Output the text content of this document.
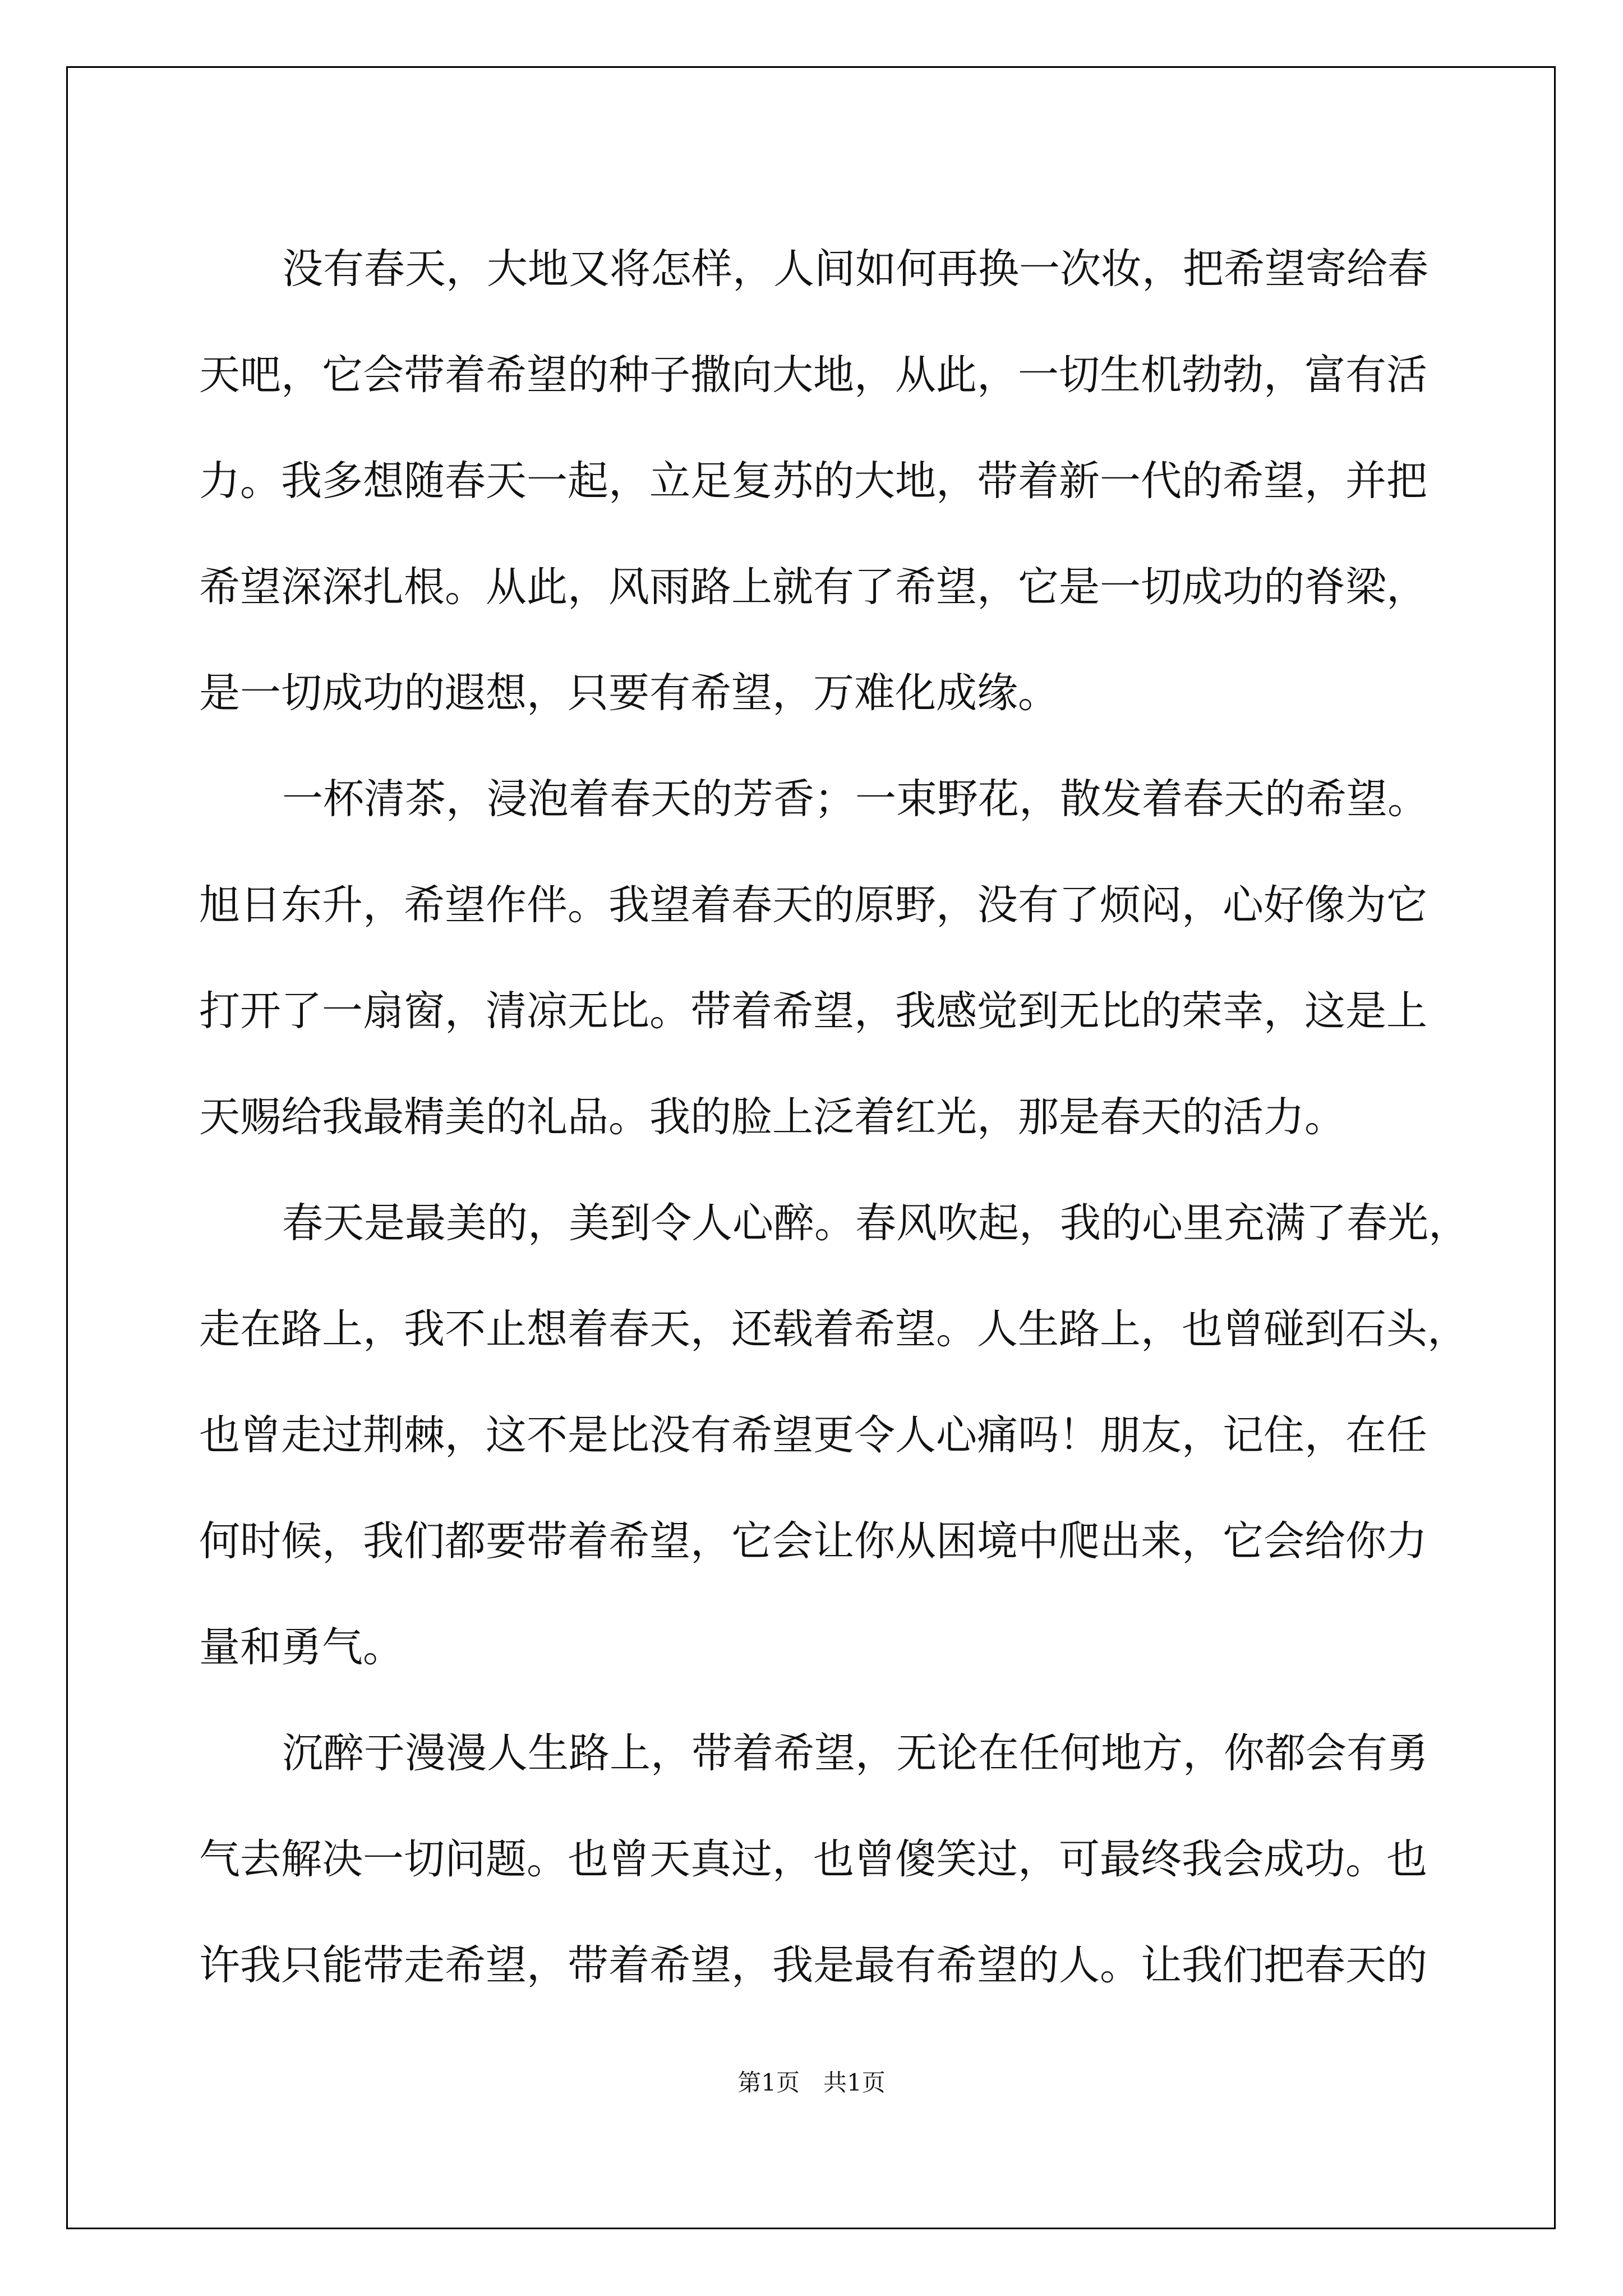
没有春天，大地又将怎样，人间如何再换一次妆，把希望寄给春
天吧，它会带着希望的种子撒向大地，从此，一切生机勃勃，富有活
力。我多想随春天一起，立足复苏的大地，带着新一代的希望，并把
希望深深扎根。从此，风雨路上就有了希望，它是一切成功的脊梁，
是一切成功的遐想，只要有希望，万难化成缘。
一杯清茶，浸泡着春天的芳香；一束野花，散发着春天的希望。
旭日东升，希望作伴。我望着春天的原野，没有了烦闷，心好像为它
打开了一扇窗，清凉无比。带着希望，我感觉到无比的荣幸，这是上
天赐给我最精美的礼品。我的脸上泛着红光，那是春天的活力。
春天是最美的，美到令人心醉。春风吹起，我的心里充满了春光，
走在路上，我不止想着春天，还载着希望。人生路上，也曾碰到石头，
也曾走过荆棘，这不是比没有希望更令人心痛吗！朋友，记住，在任
何时候，我们都要带着希望，它会让你从困境中爬出来，它会给你力
量和勇气。
沉醉于漫漫人生路上，带着希望，无论在任何地方，你都会有勇
气去解决一切问题。也曾天真过，也曾傻笑过，可最终我会成功。也
许我只能带走希望，带着希望，我是最有希望的人。让我们把春天的
第1页　共1页
